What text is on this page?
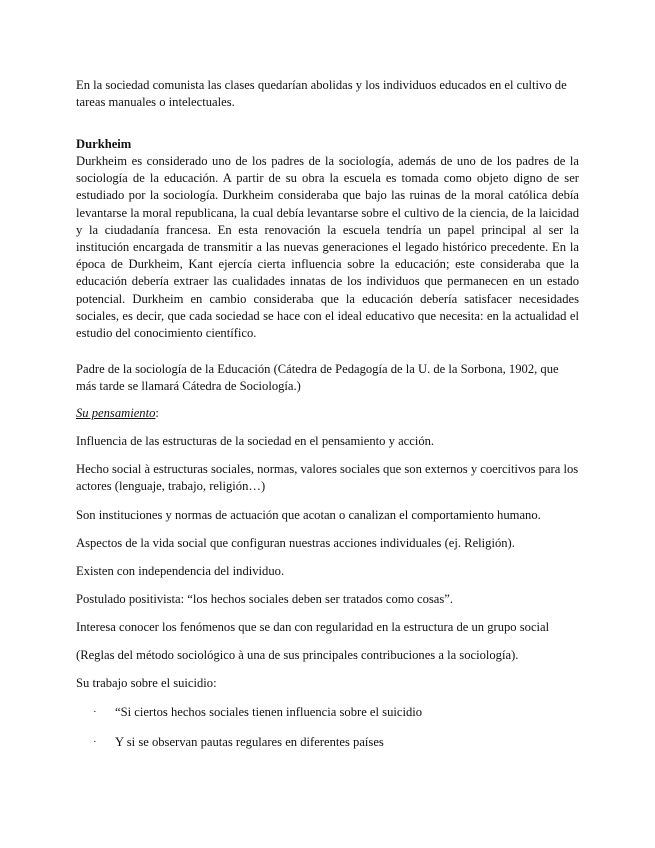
En la sociedad comunista las clases quedarían abolidas y los individuos educados en el cultivo de tareas manuales o intelectuales.

Durkheim

Durkheim es considerado uno de los padres de la sociología, además de uno de los padres de la sociología de la educación. A partir de su obra la escuela es tomada como objeto digno de ser estudiado por la sociología. Durkheim consideraba que bajo las ruinas de la moral católica debía levantarse la moral republicana, la cual debía levantarse sobre el cultivo de la ciencia, de la laicidad y la ciudadanía francesa. En esta renovación la escuela tendría un papel principal al ser la institución encargada de transmitir a las nuevas generaciones el legado histórico precedente. En la época de Durkheim, Kant ejercía cierta influencia sobre la educación; este consideraba que la educación debería extraer las cualidades innatas de los individuos que permanecen en un estado potencial. Durkheim en cambio consideraba que la educación debería satisfacer necesidades sociales, es decir, que cada sociedad se hace con el ideal educativo que necesita: en la actualidad el estudio del conocimiento científico.

Padre de la sociología de la Educación (Cátedra de Pedagogía de la U. de la Sorbona, 1902, que más tarde se llamará Cátedra de Sociología.)

Su pensamiento:

Influencia de las estructuras de la sociedad en el pensamiento y acción.

Hecho social à estructuras sociales, normas, valores sociales que son externos y coercitivos para los actores (lenguaje, trabajo, religión…)

Son instituciones y normas de actuación que acotan o canalizan el comportamiento humano.

Aspectos de la vida social que configuran nuestras acciones individuales (ej. Religión).

Existen con independencia del individuo.

Postulado positivista: “los hechos sociales deben ser tratados como cosas”.

Interesa conocer los fenómenos que se dan con regularidad en la estructura de un grupo social

(Reglas del método sociológico à una de sus principales contribuciones a la sociología).

Su trabajo sobre el suicidio:

· “Si ciertos hechos sociales tienen influencia sobre el suicidio
· Y si se observan pautas regulares en diferentes países
